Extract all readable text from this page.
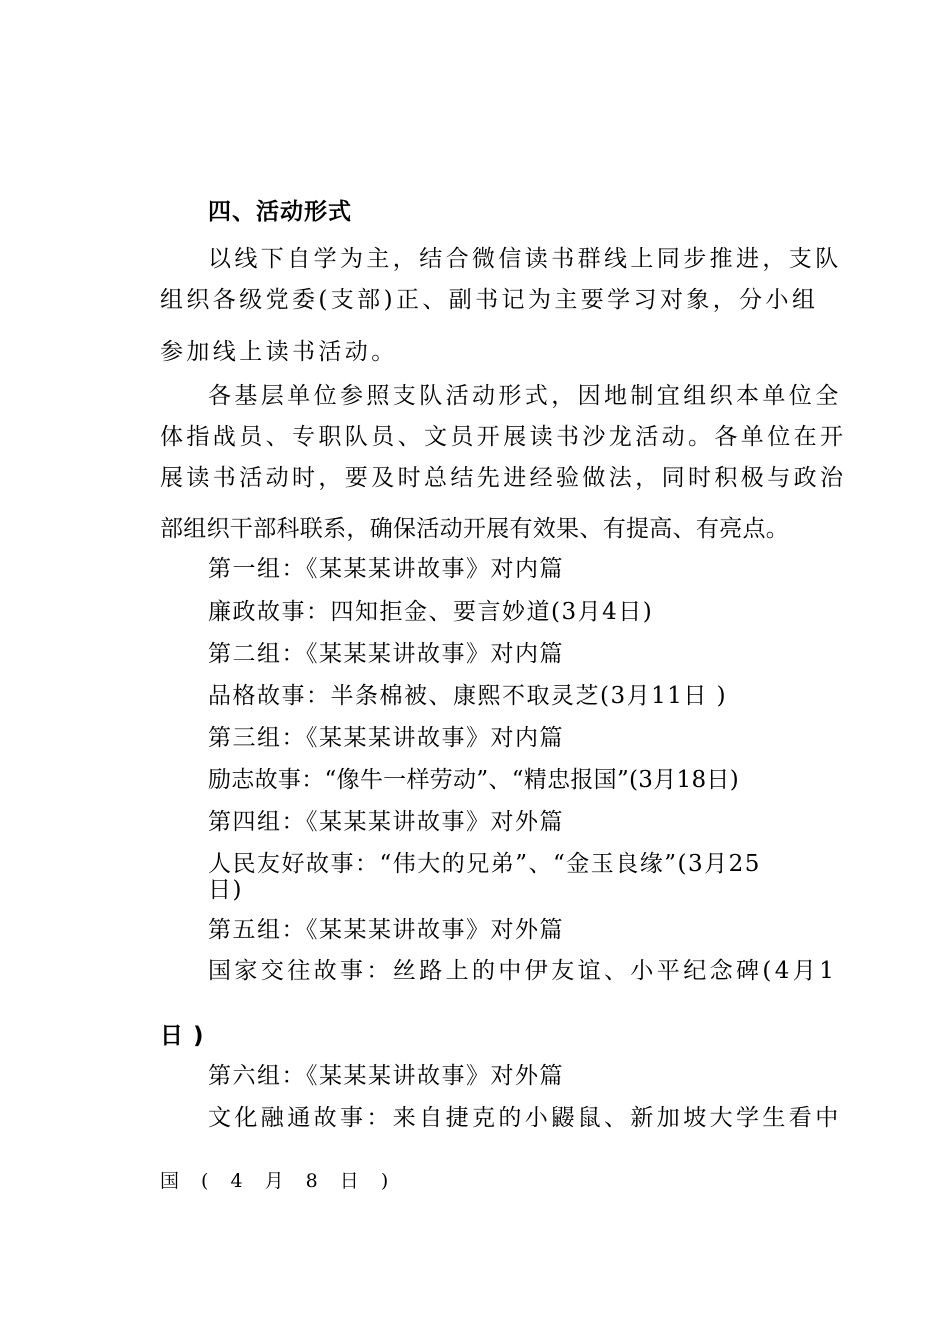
四、活动形式
以线下自学为主，结合微信读书群线上同步推进，支队
组织各级党委(支部)正、副书记为主要学习对象，分小组
参加线上读书活动。
各基层单位参照支队活动形式，因地制宜组织本单位全
体指战员、专职队员、文员开展读书沙龙活动。各单位在开
展读书活动时，要及时总结先进经验做法，同时积极与政治
部组织干部科联系，确保活动开展有效果、有提高、有亮点。
第一组：《某某某讲故事》对内篇
廉政故事：四知拒金、要言妙道(3月4日)
第二组：《某某某讲故事》对内篇
品格故事：半条棉被、康熙不取灵芝(3月11日 )
第三组：《某某某讲故事》对内篇
励志故事：“像牛一样劳动”、“精忠报国”(3月18日)
第四组：《某某某讲故事》对外篇
人民友好故事：“伟大的兄弟”、“金玉良缘”(3月25
日)
第五组：《某某某讲故事》对外篇
国家交往故事：丝路上的中伊友谊、小平纪念碑(4月1
日 )
第六组：《某某某讲故事》对外篇
文化融通故事：来自捷克的小鼹鼠、新加坡大学生看中
国 ( 4 月 8 日 )
